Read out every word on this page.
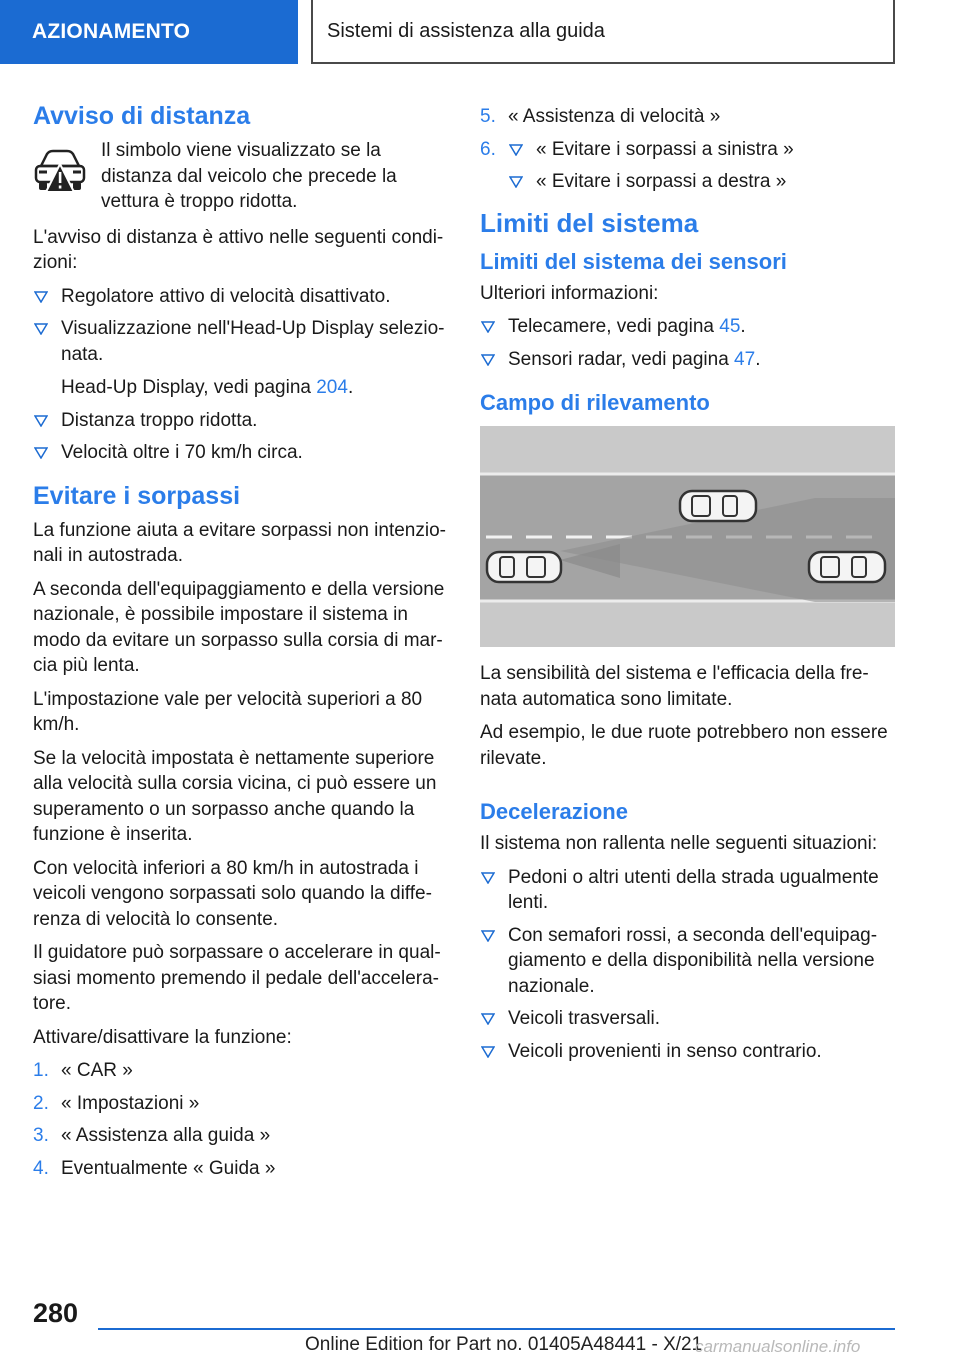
AZIONAMENTO	Sistemi di assistenza alla guida
Avviso di distanza

Il simbolo viene visualizzato se la distanza dal veicolo che precede la vettura è troppo ridotta.

L'avviso di distanza è attivo nelle seguenti condi-zioni:

Regolatore attivo di velocità disattivato.
Visualizzazione nell'Head-Up Display selezio-nata.
Head-Up Display, vedi pagina 204.
Distanza troppo ridotta.
Velocità oltre i 70 km/h circa.
Evitare i sorpassi

La funzione aiuta a evitare sorpassi non intenzio-nali in autostrada.

A seconda dell'equipaggiamento e della versione nazionale, è possibile impostare il sistema in modo da evitare un sorpasso sulla corsia di mar-cia più lenta.

L'impostazione vale per velocità superiori a 80 km/h.

Se la velocità impostata è nettamente superiore alla velocità sulla corsia vicina, ci può essere un superamento o un sorpasso anche quando la funzione è inserita.

Con velocità inferiori a 80 km/h in autostrada i veicoli vengono sorpassati solo quando la diffe-renza di velocità lo consente.

Il guidatore può sorpassare o accelerare in qual-siasi momento premendo il pedale dell'accelera-tore.

Attivare/disattivare la funzione:

1. « CAR »
2. « Impostazioni »
3. « Assistenza alla guida »
4. Eventualmente « Guida »
5. « Assistenza di velocità »
6.	« Evitare i sorpassi a sinistra »
« Evitare i sorpassi a destra »
Limiti del sistema
Limiti del sistema dei sensori

Ulteriori informazioni:

Telecamere, vedi pagina 45.
Sensori radar, vedi pagina 47.
Campo di rilevamento

La sensibilità del sistema e l'efficacia della fre-nata automatica sono limitate.

Ad esempio, le due ruote potrebbero non essere rilevate.

Decelerazione

Il sistema non rallenta nelle seguenti situazioni:

Pedoni o altri utenti della strada ugualmente lenti.
Con semafori rossi, a seconda dell'equipag-giamento e della disponibilità nella versione nazionale.
Veicoli trasversali.
Veicoli provenienti in senso contrario.
280
Online Edition for Part no. 01405A48441 - X/21
carmanualsonline.info
